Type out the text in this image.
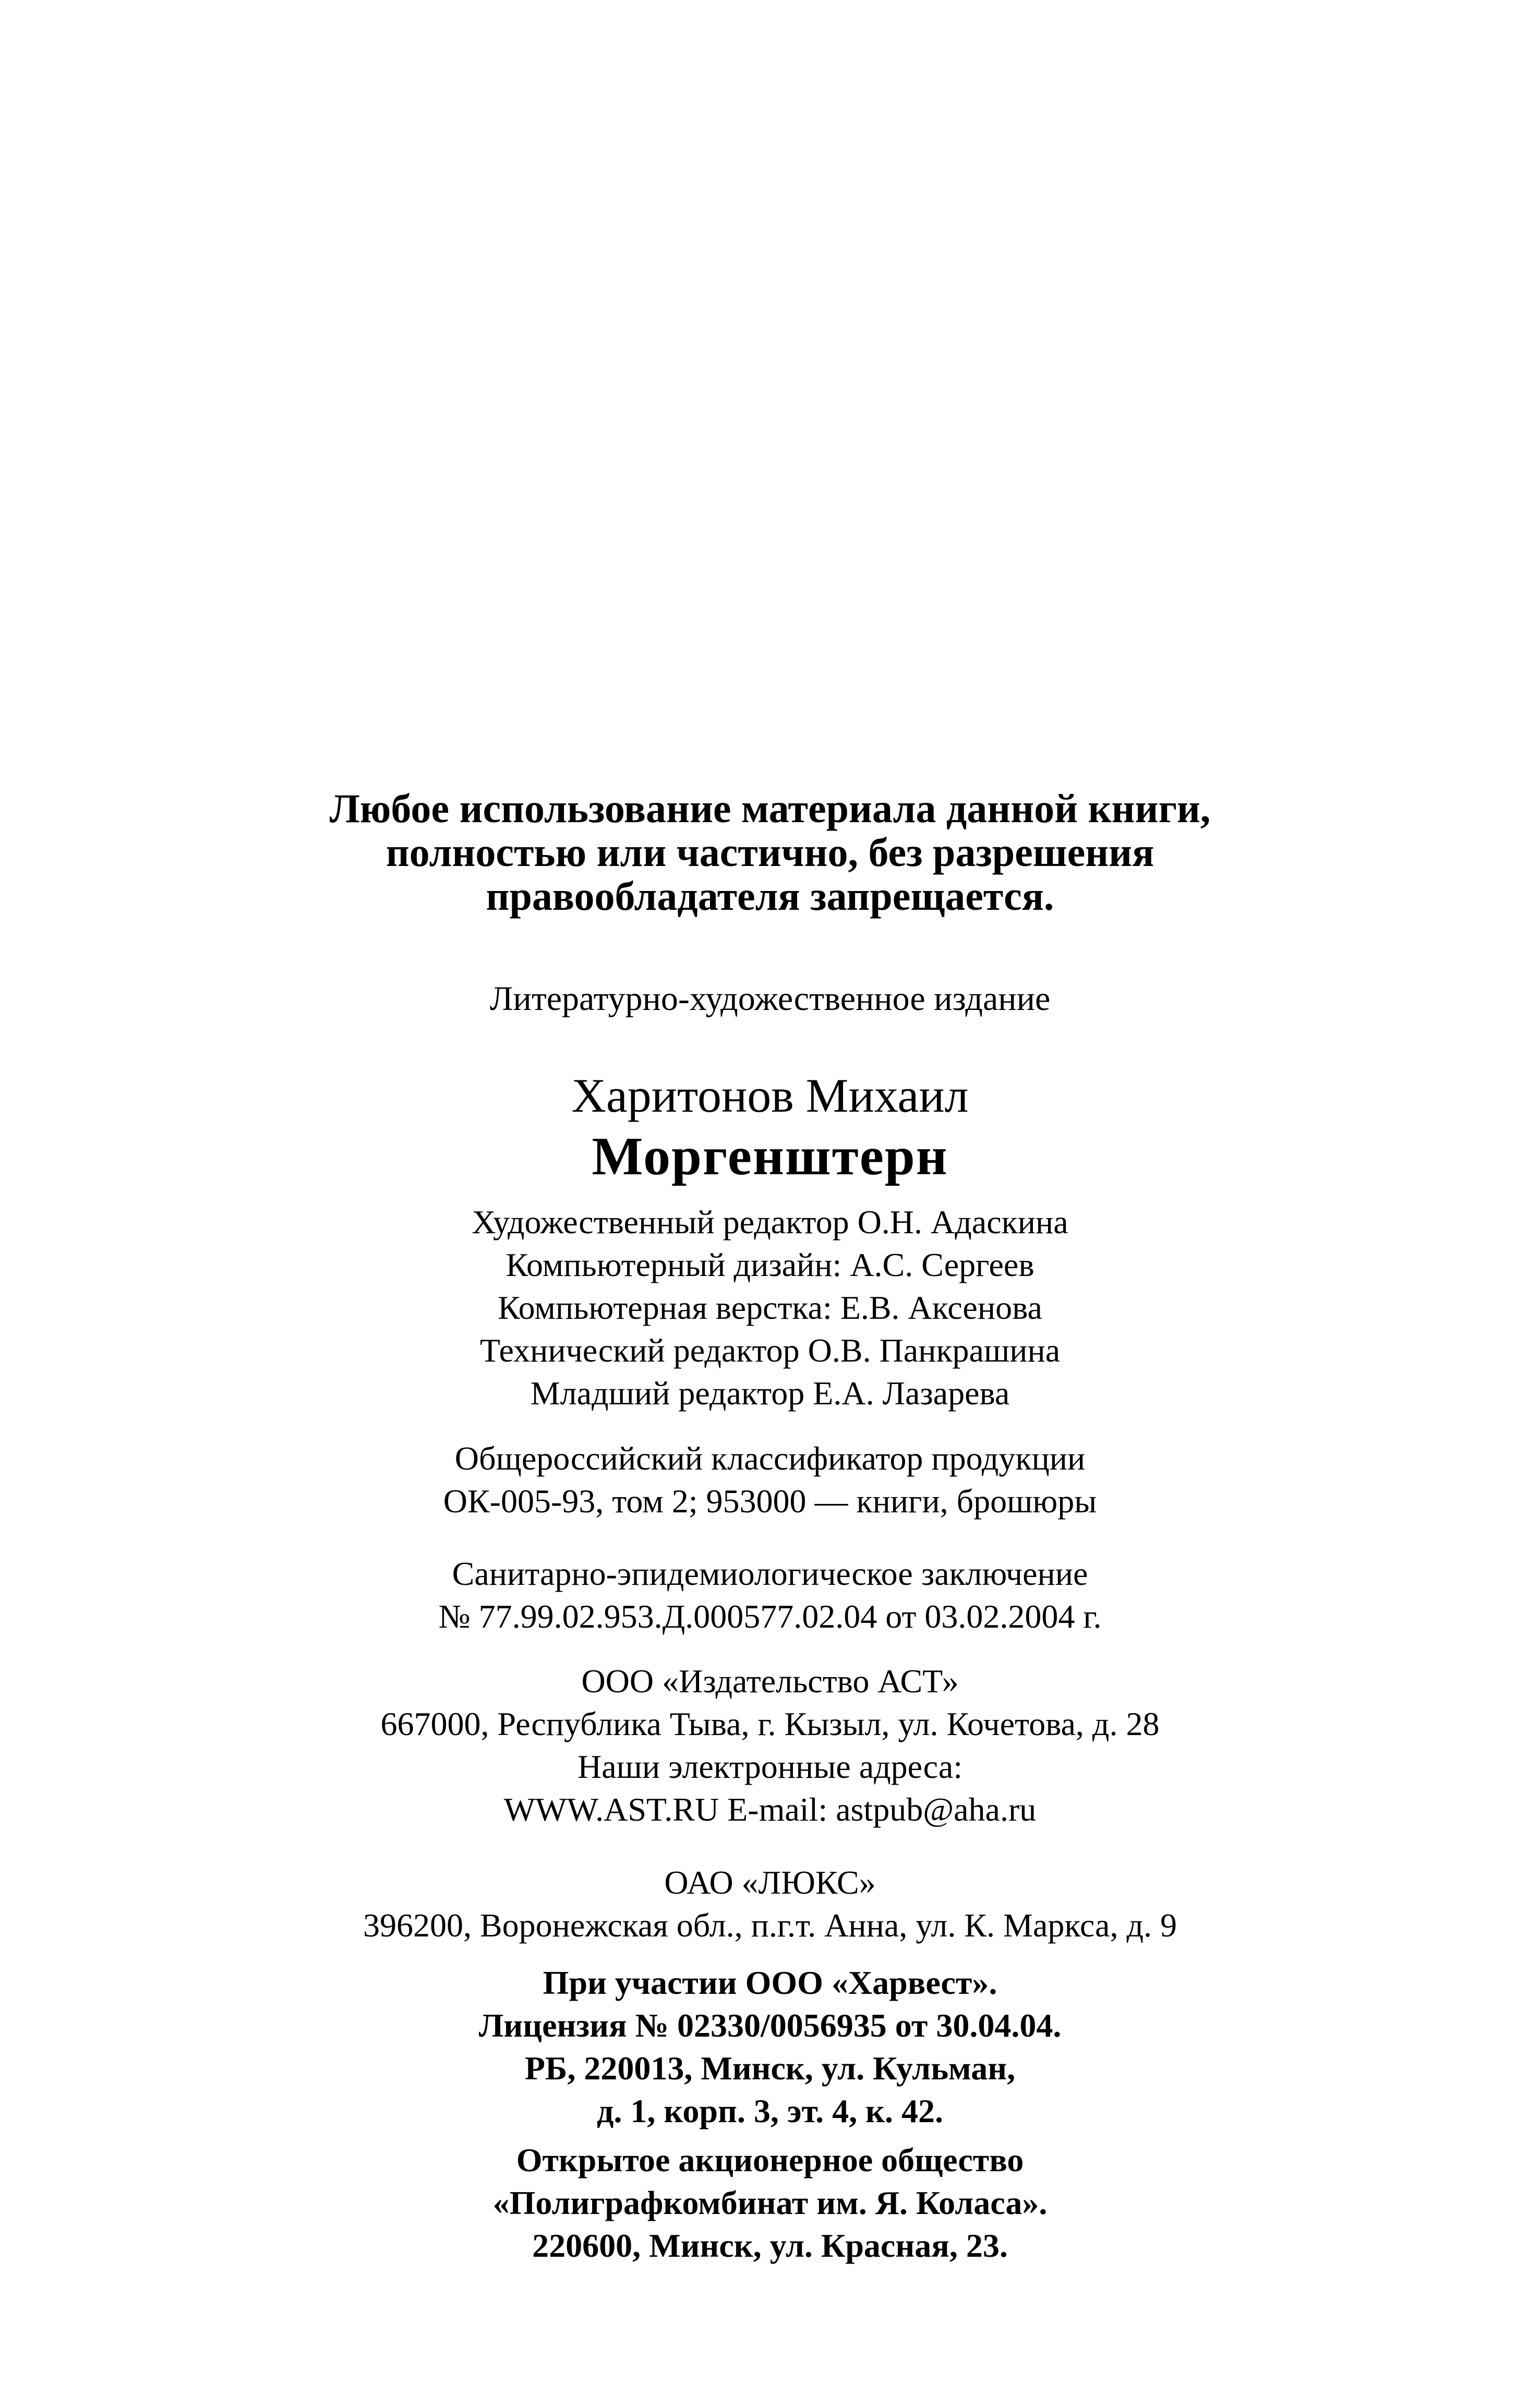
Любое использование материала данной книги,
полностью или частично, без разрешения
правообладателя запрещается.
Литературно-художественное издание
Харитонов Михаил
Моргенштерн
Художественный редактор О.Н. Адаскина
Компьютерный дизайн: А.С. Сергеев
Компьютерная верстка: Е.В. Аксенова
Технический редактор О.В. Панкрашина
Младший редактор Е.А. Лазарева
Общероссийский классификатор продукции
ОК-005-93, том 2; 953000 — книги, брошюры
Санитарно-эпидемиологическое заключение
№ 77.99.02.953.Д.000577.02.04 от 03.02.2004 г.
ООО «Издательство АСТ»
667000, Республика Тыва, г. Кызыл, ул. Кочетова, д. 28
Наши электронные адреса:
WWW.AST.RU E-mail: astpub@aha.ru
ОАО «ЛЮКС»
396200, Воронежская обл., п.г.т. Анна, ул. К. Маркса, д. 9
При участии ООО «Харвест».
Лицензия № 02330/0056935 от 30.04.04.
РБ, 220013, Минск, ул. Кульман,
д. 1, корп. 3, эт. 4, к. 42.
Открытое акционерное общество
«Полиграфкомбинат им. Я. Коласа».
220600, Минск, ул. Красная, 23.
